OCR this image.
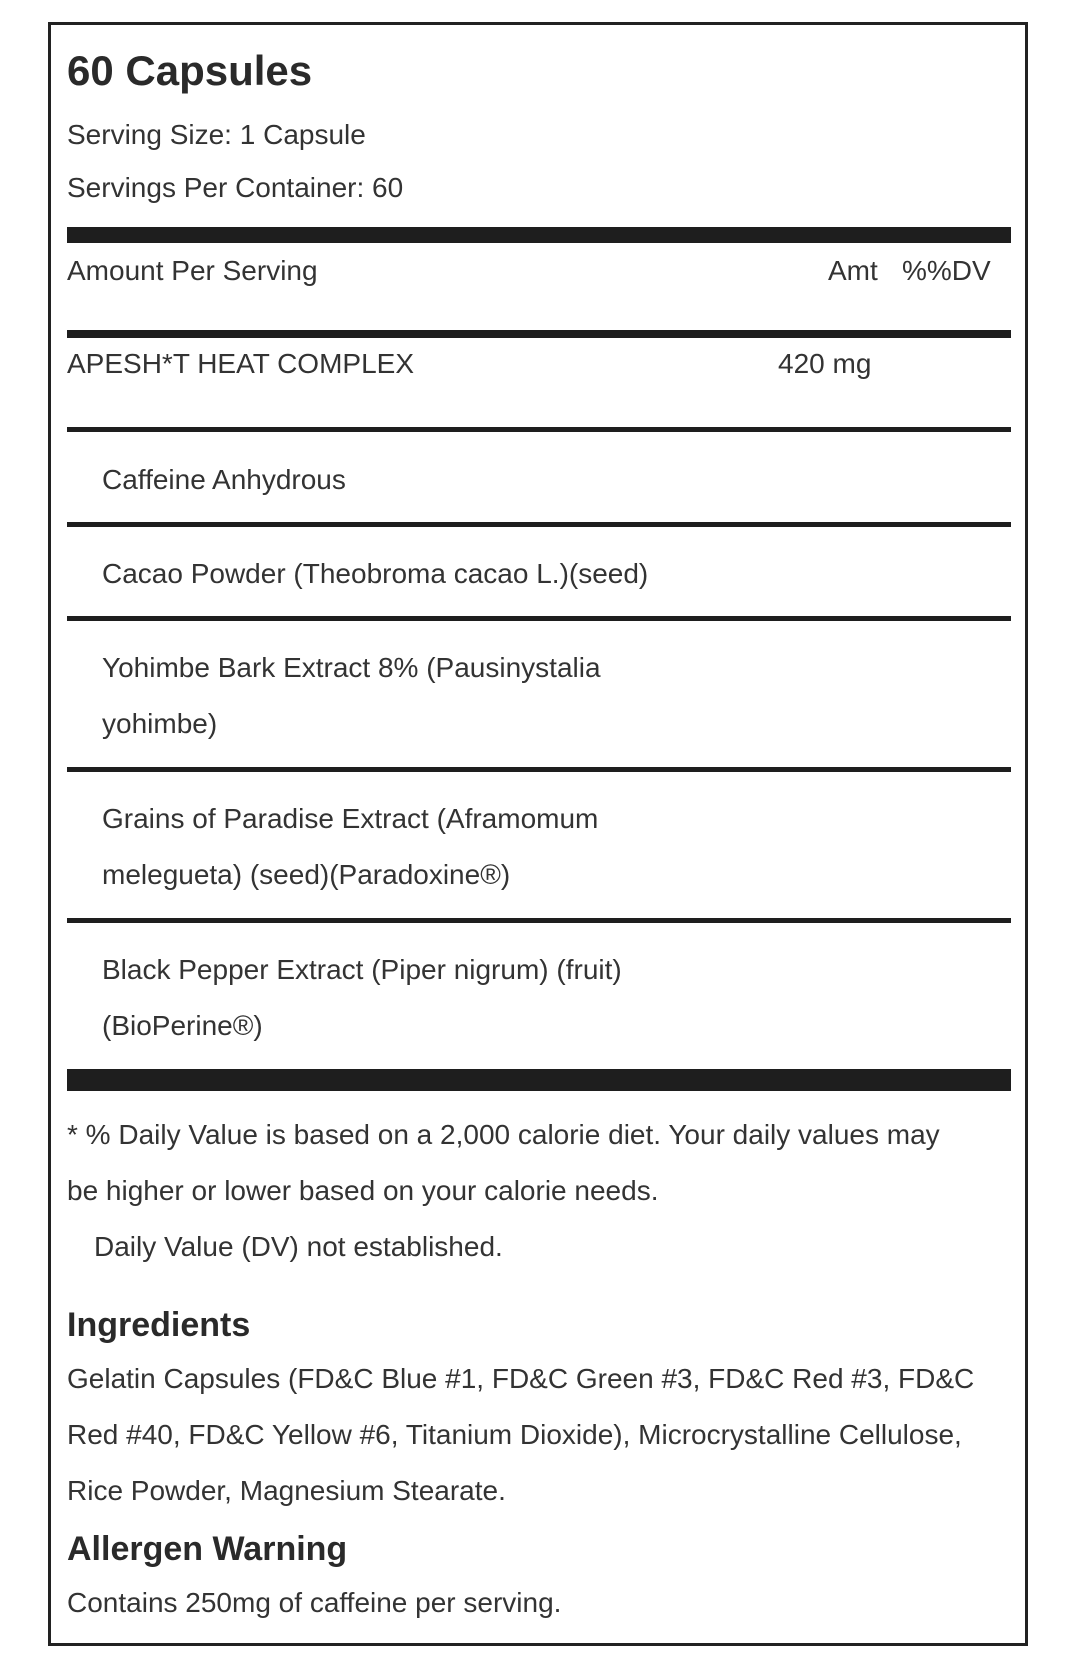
60 Capsules
Serving Size: 1 Capsule
Servings Per Container: 60
Amount Per Serving	Amt %%DV
APESH*T HEAT COMPLEX	420 mg
Caffeine Anhydrous
Cacao Powder (Theobroma cacao L.)(seed)
Yohimbe Bark Extract 8% (Pausinystalia yohimbe)
Grains of Paradise Extract (Aframomum melegueta) (seed)(Paradoxine®)
Black Pepper Extract (Piper nigrum) (fruit) (BioPerine®)
* % Daily Value is based on a 2,000 calorie diet. Your daily values may be higher or lower based on your calorie needs.
Daily Value (DV) not established.
Ingredients
Gelatin Capsules (FD&C Blue #1, FD&C Green #3, FD&C Red #3, FD&C Red #40, FD&C Yellow #6, Titanium Dioxide), Microcrystalline Cellulose, Rice Powder, Magnesium Stearate.
Allergen Warning
Contains 250mg of caffeine per serving.
